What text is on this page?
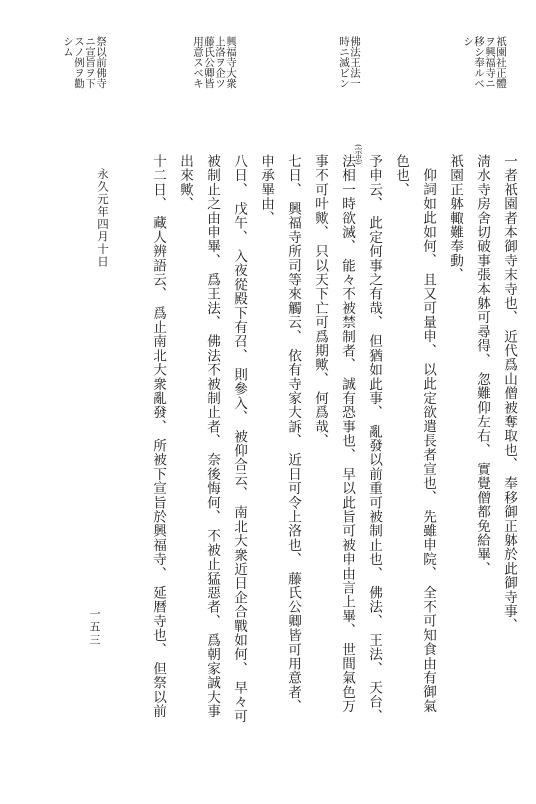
祇園社正體
ヲ興福寺ニ
移シ奉ルベ
シ
佛法王法一
時ニ滅ビン
興福寺大衆
上洛ヲ企ツ
藤氏公卿皆
用意スベキ
祭以前佛寺
ニ宣旨ヲ下
スノ例ヲ勸
シム
一者祇園者本御寺末寺也、 近代爲山僧被奪取也、 奉移御正躰於此御寺事、
淸水寺房舍切破事張本躰可尋得、 忽難仰左右、 實覺僧都免給畢、
祇園正躰輙難奉動、
仰詞如此如何、 且又可量申、 以此定欲遣長者宣也、 先雖申院、 全不可知食由有御氣
色也、
(宗忠) 予申云、 此定何事之有哉、 但猶如此事、 亂發以前重可被制止也、 佛法、 王法、 天台、
法相一時欲滅、 能々不被禁制者、 誠有恐事也、 早以此旨可被申由言上畢、 世間氣色万
事不可叶歟、 只以天下亡可爲期歟、 何爲哉、
七日、 興福寺所司等來觸云、 依有寺家大訴、 近日可令上洛也、 藤氏公卿皆可用意者、
申承畢由、
八日、 戊午、 入夜從殿下有召、 則參入、 被仰合云、 南北大衆近日企合戰如何、 早々可
被制止之由申畢、 爲王法、 佛法不被制止者、 奈後悔何、 不被止猛惡者、 爲朝家誠大事
出來歟、
十二日、 藏人辨語云、 爲止南北大衆亂發、 所被下宣旨於興福寺、 延暦寺也、 但祭以前
永久元年四月十日
一五三
